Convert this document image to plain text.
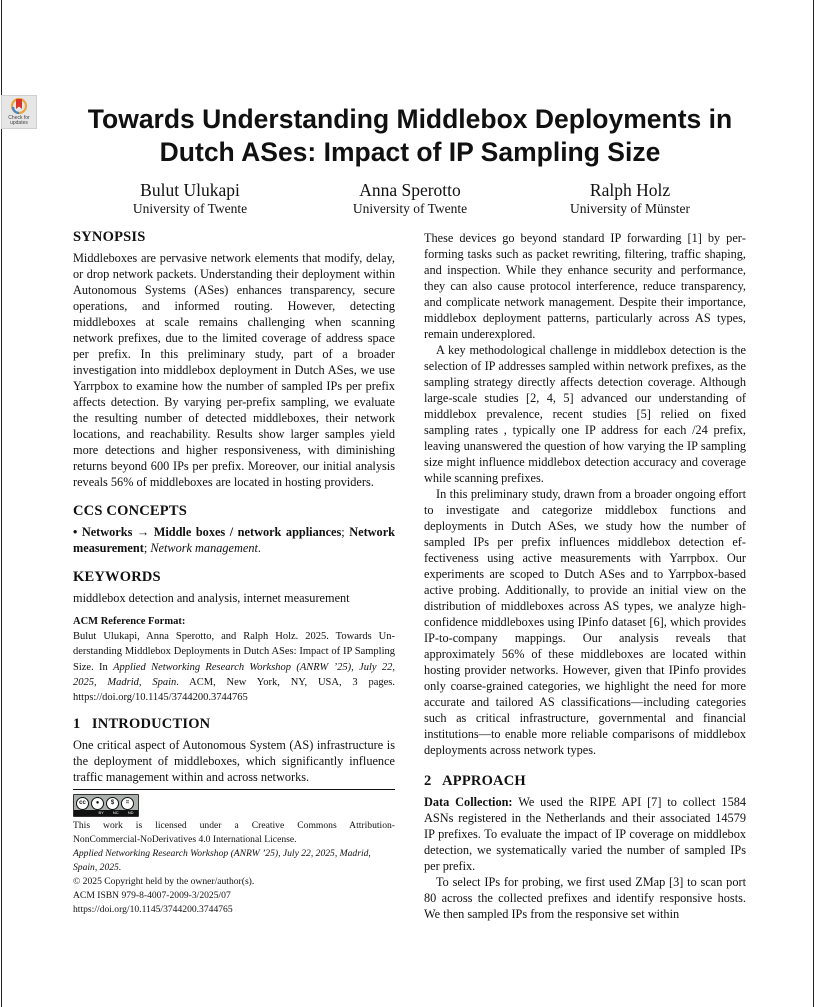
Check for updates	Towards Understanding Middlebox Deployments in Dutch ASes: Impact of IP Sampling Size
Bulut Ulukapi
University of Twente
Anna Sperotto
University of Twente
Ralph Holz
University of Münster
SYNOPSIS

Middleboxes are pervasive network elements that modify, delay, or drop network packets. Understanding their deployment within Autonomous Systems (ASes) enhances transparency, secure operations, and informed routing. However, detecting middleboxes at scale remains challenging when scanning network prefixes, due to the limited coverage of address space per prefix. In this preliminary study, part of a broader investigation into middlebox deployment in Dutch ASes, we use Yarrpbox to examine how the number of sampled IPs per prefix affects detection. By varying per-prefix sampling, we evaluate the resulting number of detected middleboxes, their network locations, and reachability. Results show larger samples yield more detections and higher responsiveness, with diminishing returns beyond 600 IPs per prefix. Moreover, our initial analysis reveals 56% of middleboxes are located in hosting providers.

CCS CONCEPTS

• Networks → Middle boxes / network appliances; Network measurement; Network management.

KEYWORDS

middlebox detection and analysis, internet measurement

ACM Reference Format:

Bulut Ulukapi, Anna Sperotto, and Ralph Holz. 2025. Towards Understanding Middlebox Deployments in Dutch ASes: Impact of IP Sampling Size. In Applied Networking Research Workshop (ANRW ’25), July 22, 2025, Madrid, Spain. ACM, New York, NY, USA, 3 pages. https://doi.org/10.1145/3744200.3744765

1   INTRODUCTION

One critical aspect of Autonomous System (AS) infrastructure is the deployment of middleboxes, which significantly influence traffic management within and across networks.

cc	●	$	=
BY NC ND
This work is licensed under a Creative Commons Attribution-
NonCommercial-NoDerivatives 4.0 International License.
Applied Networking Research Workshop (ANRW ’25), July 22, 2025, Madrid, Spain, 2025.
© 2025 Copyright held by the owner/author(s).
ACM ISBN 979-8-4007-2009-3/2025/07
https://doi.org/10.1145/3744200.3744765

These devices go beyond standard IP forwarding [1] by performing tasks such as packet rewriting, filtering, traffic shaping, and inspection. While they enhance security and performance, they can also cause protocol interference, reduce transparency, and complicate network management. Despite their importance, middlebox deployment patterns, particularly across AS types, remain underexplored.

A key methodological challenge in middlebox detection is the selection of IP addresses sampled within network prefixes, as the sampling strategy directly affects detection coverage. Although large-scale studies [2, 4, 5] advanced our understanding of middlebox prevalence, recent studies [5] relied on fixed sampling rates , typically one IP address for each /24 prefix, leaving unanswered the question of how varying the IP sampling size might influence middlebox detection accuracy and coverage while scanning prefixes.

In this preliminary study, drawn from a broader ongoing effort to investigate and categorize middlebox functions and deployments in Dutch ASes, we study how the number of sampled IPs per prefix influences middlebox detection effectiveness using active measurements with Yarrpbox. Our experiments are scoped to Dutch ASes and to Yarrpbox-based active probing. Additionally, to provide an initial view on the distribution of middleboxes across AS types, we analyze high-confidence middleboxes using IPinfo dataset [6], which provides IP-to-company mappings. Our analysis reveals that approximately 56% of these middleboxes are located within hosting provider networks. However, given that IPinfo provides only coarse-grained categories, we highlight the need for more accurate and tailored AS classifications—including categories such as critical infrastructure, governmental and financial institutions—to enable more reliable comparisons of middlebox deployments across network types.

2   APPROACH

Data Collection: We used the RIPE API [7] to collect 1584 ASNs registered in the Netherlands and their associated 14579 IP prefixes. To evaluate the impact of IP coverage on middlebox detection, we systematically varied the number of sampled IPs per prefix.

To select IPs for probing, we first used ZMap [3] to scan port 80 across the collected prefixes and identify responsive hosts. We then sampled IPs from the responsive set within
